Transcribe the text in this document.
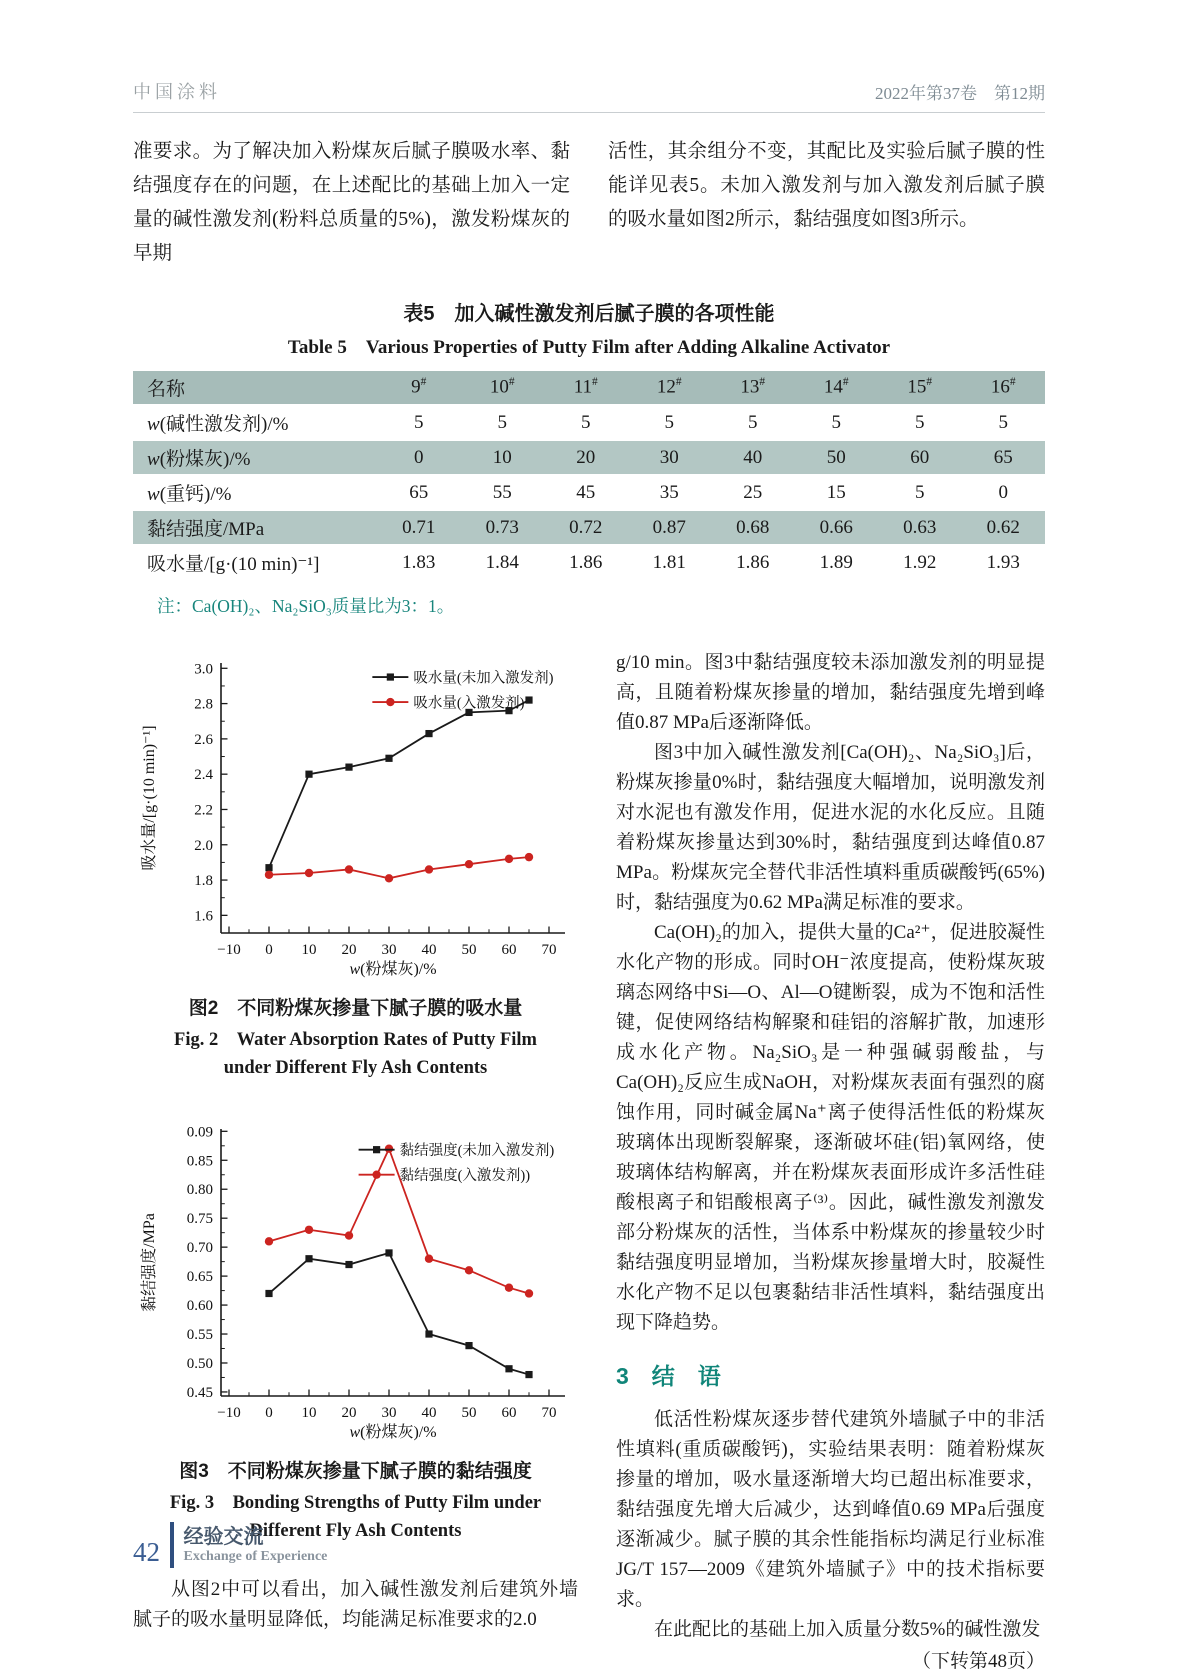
中国涂料	2022年第37卷　第12期

准要求。为了解决加入粉煤灰后腻子膜吸水率、黏结强度存在的问题，在上述配比的基础上加入一定量的碱性激发剂(粉料总质量的5%)，激发粉煤灰的早期

活性，其余组分不变，其配比及实验后腻子膜的性能详见表5。未加入激发剂与加入激发剂后腻子膜的吸水量如图2所示，黏结强度如图3所示。

表5　加入碱性激发剂后腻子膜的各项性能
Table 5　Various Properties of Putty Film after Adding Alkaline Activator
名称	9#	10#	11#	12#	13#	14#	15#	16#
w(碱性激发剂)/%	5	5	5	5	5	5	5	5
w(粉煤灰)/%	0	10	20	30	40	50	60	65
w(重钙)/%	65	55	45	35	25	15	5	0
黏结强度/MPa	0.71	0.73	0.72	0.87	0.68	0.66	0.63	0.62
吸水量/[g·(10 min)⁻¹]	1.83	1.84	1.86	1.81	1.86	1.89	1.92	1.93
注：Ca(OH)₂、Na₂SiO₃质量比为3：1。
−10 0 10 20 30 40 50 60 70
1.6
1.8
2.0
2.2
2.4
2.6
2.8
3.0
w(粉煤灰)/%
吸水量/[g·(10 min)⁻¹]
吸水量(未加入激发剂)
吸水量(入激发剂)
图2　不同粉煤灰掺量下腻子膜的吸水量
Fig. 2　Water Absorption Rates of Putty Film under Different Fly Ash Contents
−10 0 10 20 30 40 50 60 70
0.45
0.50
0.55
0.60
0.65
0.70
0.75
0.80
0.85
0.09
w(粉煤灰)/%
黏结强度/MPa
黏结强度(未加入激发剂)
黏结强度(入激发剂))
图3　不同粉煤灰掺量下腻子膜的黏结强度
Fig. 3　Bonding Strengths of Putty Film under Different Fly Ash Contents

从图2中可以看出，加入碱性激发剂后建筑外墙腻子的吸水量明显降低，均能满足标准要求的2.0

g/10 min。图3中黏结强度较未添加激发剂的明显提高，且随着粉煤灰掺量的增加，黏结强度先增到峰值0.87 MPa后逐渐降低。

图3中加入碱性激发剂[Ca(OH)₂、Na₂SiO₃]后，粉煤灰掺量0%时，黏结强度大幅增加，说明激发剂对水泥也有激发作用，促进水泥的水化反应。且随着粉煤灰掺量达到30%时，黏结强度到达峰值0.87 MPa。粉煤灰完全替代非活性填料重质碳酸钙(65%)时，黏结强度为0.62 MPa满足标准的要求。

Ca(OH)₂的加入，提供大量的Ca²⁺，促进胶凝性水化产物的形成。同时OH⁻浓度提高，使粉煤灰玻璃态网络中Si—O、Al—O键断裂，成为不饱和活性键，促使网络结构解聚和硅铝的溶解扩散，加速形成水化产物。Na₂SiO₃是一种强碱弱酸盐，与Ca(OH)₂反应生成NaOH，对粉煤灰表面有强烈的腐蚀作用，同时碱金属Na⁺离子使得活性低的粉煤灰玻璃体出现断裂解聚，逐渐破坏硅(铝)氧网络，使玻璃体结构解离，并在粉煤灰表面形成许多活性硅酸根离子和铝酸根离子⁽³⁾。因此，碱性激发剂激发部分粉煤灰的活性，当体系中粉煤灰的掺量较少时黏结强度明显增加，当粉煤灰掺量增大时，胶凝性水化产物不足以包裹黏结非活性填料，黏结强度出现下降趋势。

3　结　语

低活性粉煤灰逐步替代建筑外墙腻子中的非活性填料(重质碳酸钙)，实验结果表明：随着粉煤灰掺量的增加，吸水量逐渐增大均已超出标准要求，黏结强度先增大后减少，达到峰值0.69 MPa后强度逐渐减少。腻子膜的其余性能指标均满足行业标准JG/T 157—2009《建筑外墙腻子》中的技术指标要求。

在此配比的基础上加入质量分数5%的碱性激发

（下转第48页）

42 经验交流
Exchange of Experience
